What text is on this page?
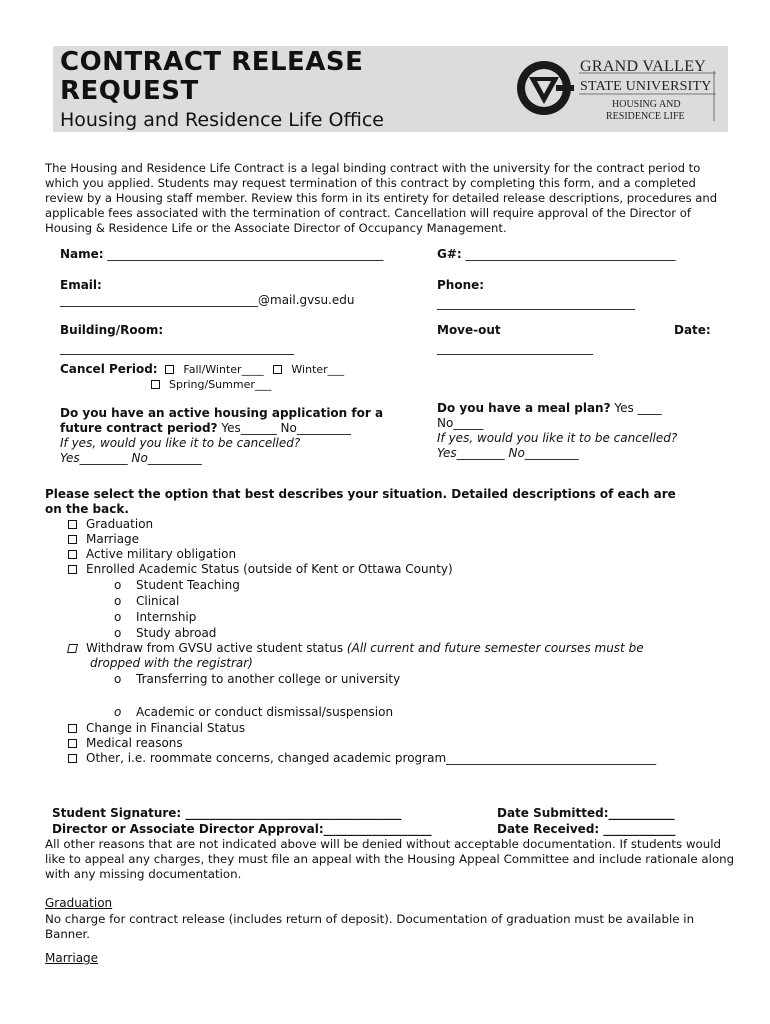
CONTRACT RELEASE
REQUEST
Housing and Residence Life Office
GRAND VALLEY
STATE UNIVERSITY
HOUSING AND
RESIDENCE LIFE
The Housing and Residence Life Contract is a legal binding contract with the university for the contract period to which you applied. Students may request termination of this contract by completing this form, and a completed review by a Housing staff member. Review this form in its entirety for detailed release descriptions, procedures and applicable fees associated with the termination of contract. Cancellation will require approval of the Director of Housing & Residence Life or the Associate Director of Occupancy Management.
Name: ______________________________________________	G#: ___________________________________
Email:
_________________________________@mail.gvsu.edu
Phone:
_________________________________
Building/Room:
_______________________________________
Move-out	Date:
__________________________
Cancel Period: Fall/Winter____	Winter___
Spring/Summer___
Do you have an active housing application for a
future contract period? Yes______ No_________
If yes, would you like it to be cancelled?
Yes________ No_________
Do you have a meal plan? Yes ____
No_____
If yes, would you like it to be cancelled?
Yes________ No_________
Please select the option that best describes your situation. Detailed descriptions of each are
on the back.
Graduation
Marriage
Active military obligation
Enrolled Academic Status (outside of Kent or Ottawa County)
o Student Teaching
o Clinical
o Internship
o Study abroad
Withdraw from GVSU active student status (All current and future semester courses must be
dropped with the registrar)
o Transferring to another college or university
o Academic or conduct dismissal/suspension
Change in Financial Status
Medical reasons
Other, i.e. roommate concerns, changed academic program___________________________________
Student Signature: ____________________________________	Date Submitted:___________
Director or Associate Director Approval:__________________	Date Received: ____________
All other reasons that are not indicated above will be denied without acceptable documentation. If students would like to appeal any charges, they must file an appeal with the Housing Appeal Committee and include rationale along with any missing documentation.
Graduation
No charge for contract release (includes return of deposit). Documentation of graduation must be available in Banner.
Marriage
